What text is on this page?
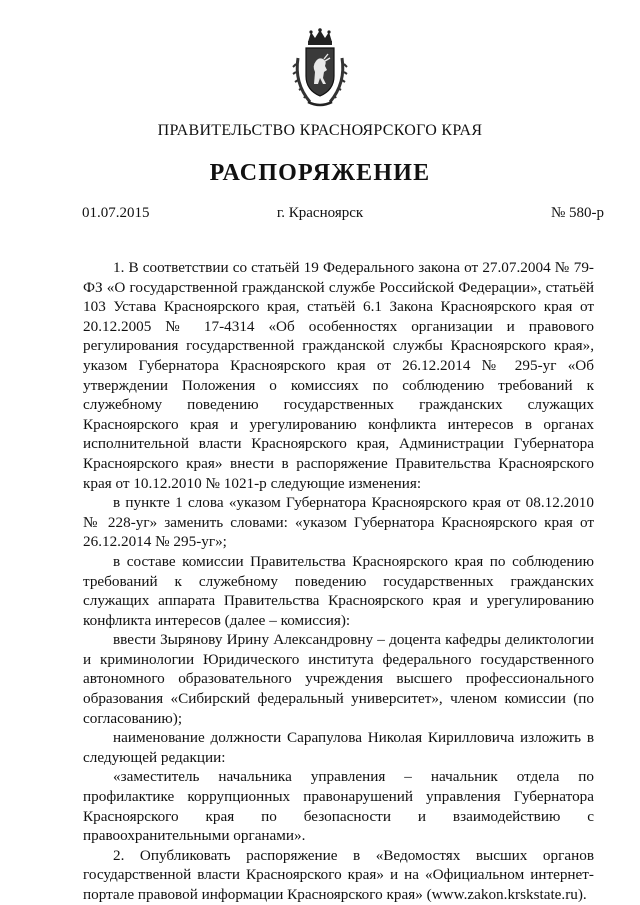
ПРАВИТЕЛЬСТВО КРАСНОЯРСКОГО КРАЯ
РАСПОРЯЖЕНИЕ
01.07.2015	г. Красноярск	№ 580-р

1. В соответствии со статьёй 19 Федерального закона от 27.07.2004 № 79-ФЗ «О государственной гражданской службе Российской Федерации», статьёй 103 Устава Красноярского края, статьёй 6.1 Закона Красноярского края от 20.12.2005 № 17-4314 «Об особенностях организации и правового регулирования государственной гражданской службы Красноярского края», указом Губернатора Красноярского края от 26.12.2014 № 295-уг «Об утверждении Положения о комиссиях по соблюдению требований к служебному поведению государственных гражданских служащих Красноярского края и урегулированию конфликта интересов в органах исполнительной власти Красноярского края, Администрации Губернатора Красноярского края» внести в распоряжение Правительства Красноярского края от 10.12.2010 № 1021-р следующие изменения:

в пункте 1 слова «указом Губернатора Красноярского края от 08.12.2010 № 228-уг» заменить словами: «указом Губернатора Красноярского края от 26.12.2014 № 295-уг»;

в составе комиссии Правительства Красноярского края по соблюдению требований к служебному поведению государственных гражданских служащих аппарата Правительства Красноярского края и урегулированию конфликта интересов (далее – комиссия):

ввести Зырянову Ирину Александровну – доцента кафедры деликтологии и криминологии Юридического института федерального государственного автономного образовательного учреждения высшего профессионального образования «Сибирский федеральный университет», членом комиссии (по согласованию);

наименование должности Сарапулова Николая Кирилловича изложить в следующей редакции:

«заместитель начальника управления – начальник отдела по профилактике коррупционных правонарушений управления Губернатора Красноярского края по безопасности и взаимодействию с правоохранительными органами».

2. Опубликовать распоряжение в «Ведомостях высших органов государственной власти Красноярского края» и на «Официальном интернет-портале правовой информации Красноярского края» (www.zakon.krskstate.ru).
